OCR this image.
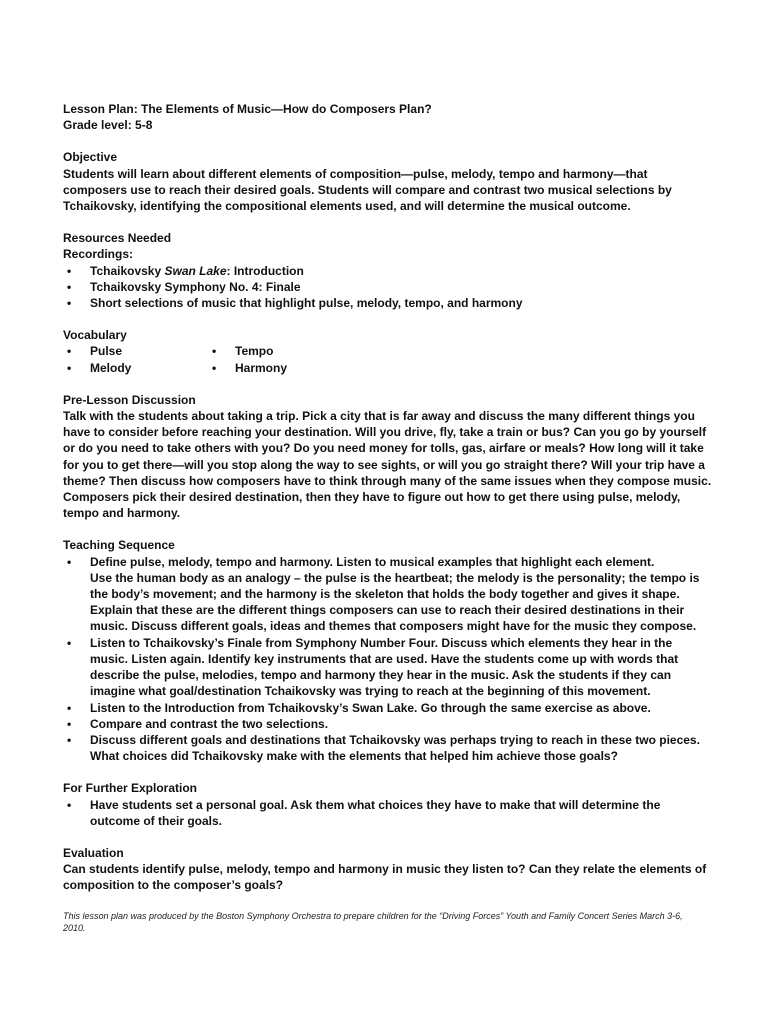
Lesson Plan: The Elements of Music—How do Composers Plan?
Grade level: 5-8
Objective
Students will learn about different elements of composition—pulse, melody, tempo and harmony—that composers use to reach their desired goals. Students will compare and contrast two musical selections by Tchaikovsky, identifying the compositional elements used, and will determine the musical outcome.
Resources Needed
Recordings:
• Tchaikovsky Swan Lake: Introduction
• Tchaikovsky Symphony No. 4: Finale
• Short selections of music that highlight pulse, melody, tempo, and harmony
Vocabulary
• Pulse
• Melody
• Tempo
• Harmony
Pre-Lesson Discussion
Talk with the students about taking a trip. Pick a city that is far away and discuss the many different things you have to consider before reaching your destination. Will you drive, fly, take a train or bus? Can you go by yourself or do you need to take others with you? Do you need money for tolls, gas, airfare or meals? How long will it take for you to get there—will you stop along the way to see sights, or will you go straight there? Will your trip have a theme? Then discuss how composers have to think through many of the same issues when they compose music. Composers pick their desired destination, then they have to figure out how to get there using pulse, melody, tempo and harmony.
Teaching Sequence
• Define pulse, melody, tempo and harmony. Listen to musical examples that highlight each element.
Use the human body as an analogy – the pulse is the heartbeat; the melody is the personality; the tempo is the body’s movement; and the harmony is the skeleton that holds the body together and gives it shape. Explain that these are the different things composers can use to reach their desired destinations in their music. Discuss different goals, ideas and themes that composers might have for the music they compose.
• Listen to Tchaikovsky’s Finale from Symphony Number Four. Discuss which elements they hear in the music. Listen again. Identify key instruments that are used. Have the students come up with words that describe the pulse, melodies, tempo and harmony they hear in the music. Ask the students if they can imagine what goal/destination Tchaikovsky was trying to reach at the beginning of this movement.
• Listen to the Introduction from Tchaikovsky’s Swan Lake. Go through the same exercise as above.
• Compare and contrast the two selections.
• Discuss different goals and destinations that Tchaikovsky was perhaps trying to reach in these two pieces. What choices did Tchaikovsky make with the elements that helped him achieve those goals?
For Further Exploration
• Have students set a personal goal. Ask them what choices they have to make that will determine the outcome of their goals.
Evaluation
Can students identify pulse, melody, tempo and harmony in music they listen to? Can they relate the elements of composition to the composer’s goals?
This lesson plan was produced by the Boston Symphony Orchestra to prepare children for the “Driving Forces” Youth and Family Concert Series March 3-6, 2010.
